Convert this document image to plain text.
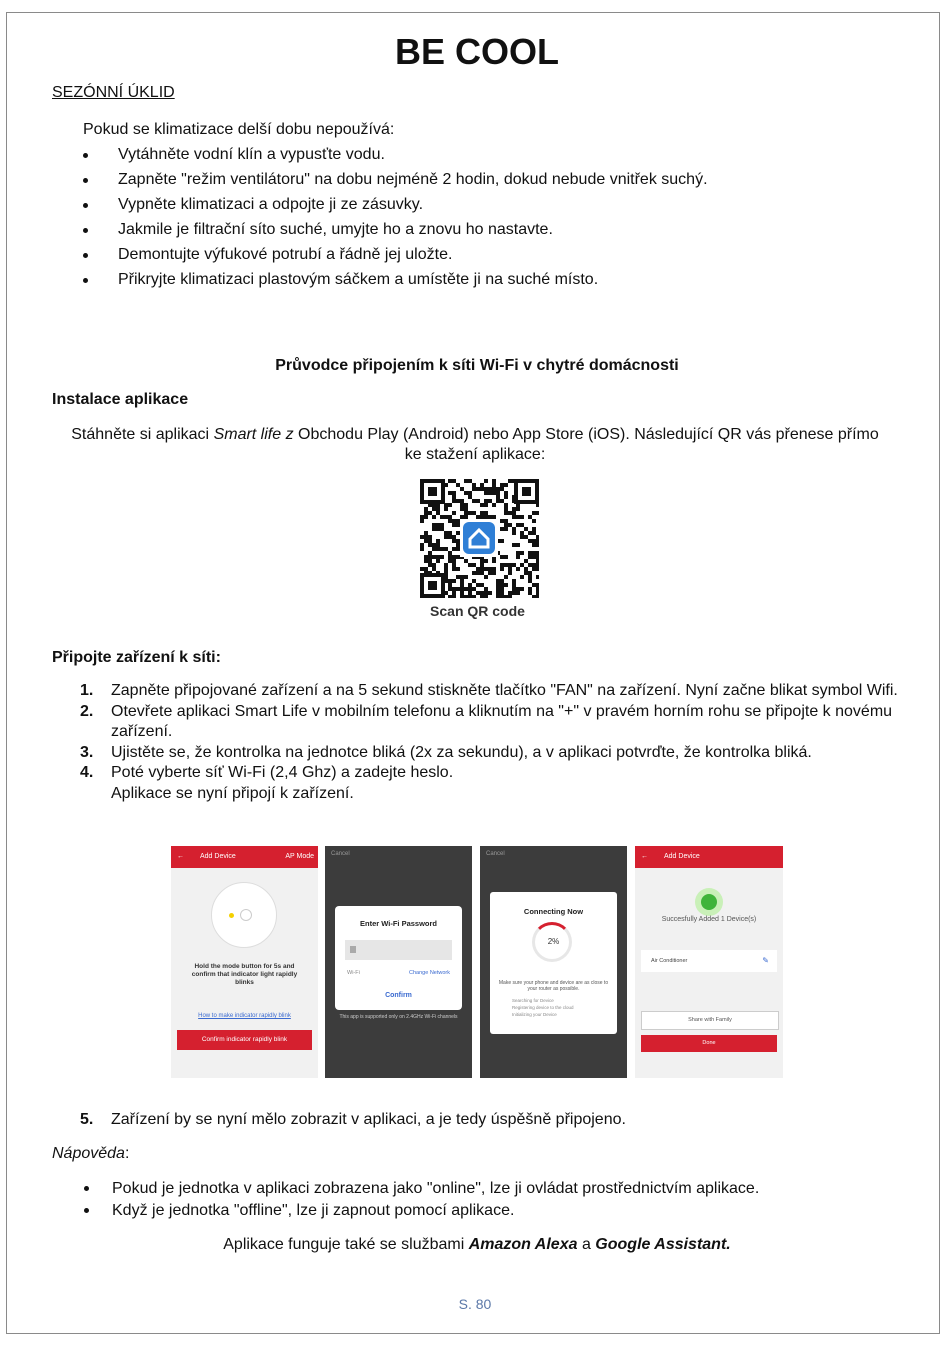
BE COOL
SEZÓNNÍ ÚKLID
Pokud se klimatizace delší dobu nepoužívá:
Vytáhněte vodní klín a vypusťte vodu.
Zapněte "režim ventilátoru" na dobu nejméně 2 hodin, dokud nebude vnitřek suchý.
Vypněte klimatizaci a odpojte ji ze zásuvky.
Jakmile je filtrační síto suché, umyjte ho a znovu ho nastavte.
Demontujte výfukové potrubí a řádně jej uložte.
Přikryjte klimatizaci plastovým sáčkem a umístěte ji na suché místo.
Průvodce připojením k síti Wi-Fi v chytré domácnosti
Instalace aplikace
Stáhněte si aplikaci Smart life z Obchodu Play (Android) nebo App Store (iOS). Následující QR vás přenese přímo
ke stažení aplikace:
Scan QR code
Připojte zařízení k síti:
1. Zapněte připojované zařízení a na 5 sekund stiskněte tlačítko "FAN" na zařízení. Nyní začne blikat symbol Wifi.
2. Otevřete aplikaci Smart Life v mobilním telefonu a kliknutím na "+" v pravém horním rohu se připojte k novému zařízení.
3. Ujistěte se, že kontrolka na jednotce bliká (2x za sekundu), a v aplikaci potvrďte, že kontrolka bliká.
4. Poté vyberte síť Wi-Fi (2,4 Ghz) a zadejte heslo.
Aplikace se nyní připojí k zařízení.
← Add Device	AP Mode
Hold the mode button for 5s and confirm that indicator light rapidly blinks
How to make indicator rapidly blink
Confirm indicator rapidly blink
Cancel
Enter Wi-Fi Password
Wi-Fi	Change Network
Confirm
This app is supported only on 2.4GHz Wi-Fi channels
Cancel
Connecting Now
2%
Make sure your phone and device are as close to your router as possible.
Searching for Device
Registering device to the cloud
Initializing your Device
← Add Device
Succesfully Added 1 Device(s)
Air Conditioner	✎
Share with Family
Done
5. Zařízení by se nyní mělo zobrazit v aplikaci, a je tedy úspěšně připojeno.
Nápověda:
Pokud je jednotka v aplikaci zobrazena jako "online", lze ji ovládat prostřednictvím aplikace.
Když je jednotka "offline", lze ji zapnout pomocí aplikace.
Aplikace funguje také se službami Amazon Alexa a Google Assistant.
S. 80
